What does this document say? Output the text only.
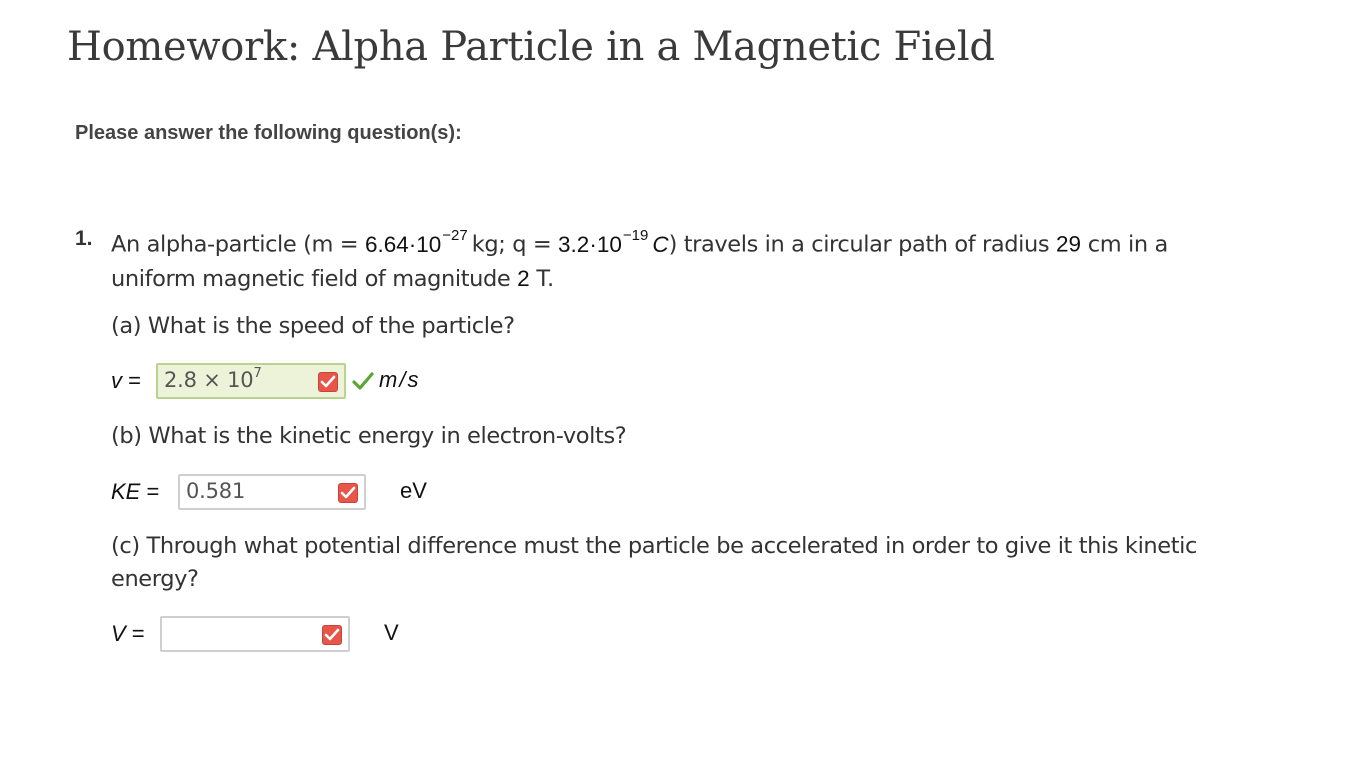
Homework: Alpha Particle in a Magnetic Field

Please answer the following question(s):

1. An alpha-particle ($m = 6.64\cdot 10^{-27}$ kg; $q = 3.2\cdot 10^{-19}$ C) travels in a circular path of radius 29 cm in a uniform magnetic field of magnitude 2 T.
(a) What is the speed of the particle?
$v = 2.8 \times 10^7$	m/s
(b) What is the kinetic energy in electron-volts?
KE = 0.581	eV
(c) Through what potential difference must the particle be accelerated in order to give it this kinetic energy?
V =	V
